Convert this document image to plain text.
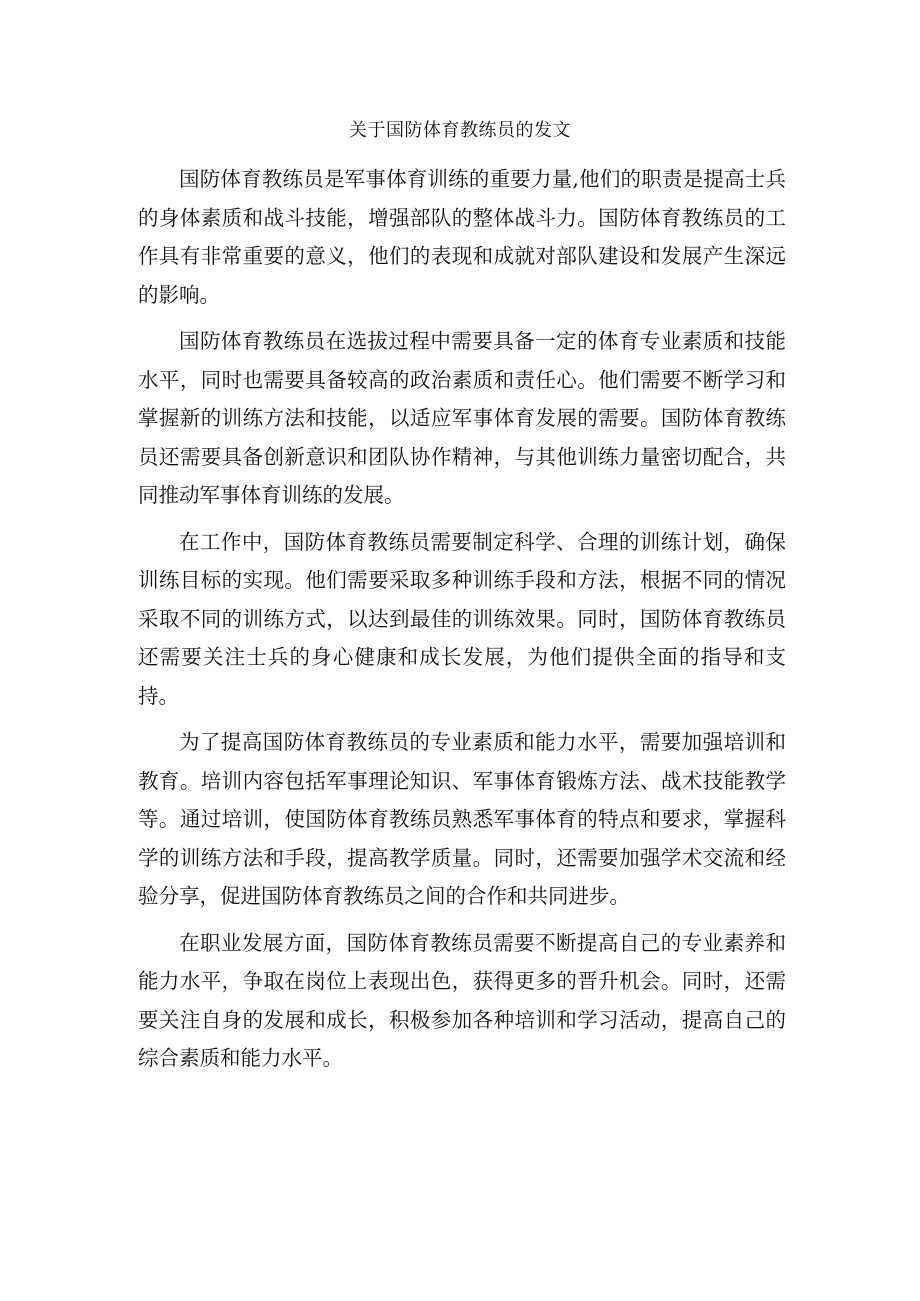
关于国防体育教练员的发文

国防体育教练员是军事体育训练的重要力量,他们的职责是提高士兵的身体素质和战斗技能，增强部队的整体战斗力。国防体育教练员的工作具有非常重要的意义，他们的表现和成就对部队建设和发展产生深远的影响。

国防体育教练员在选拔过程中需要具备一定的体育专业素质和技能水平，同时也需要具备较高的政治素质和责任心。他们需要不断学习和掌握新的训练方法和技能，以适应军事体育发展的需要。国防体育教练员还需要具备创新意识和团队协作精神，与其他训练力量密切配合，共同推动军事体育训练的发展。

在工作中，国防体育教练员需要制定科学、合理的训练计划，确保训练目标的实现。他们需要采取多种训练手段和方法，根据不同的情况采取不同的训练方式，以达到最佳的训练效果。同时，国防体育教练员还需要关注士兵的身心健康和成长发展，为他们提供全面的指导和支持。

为了提高国防体育教练员的专业素质和能力水平，需要加强培训和教育。培训内容包括军事理论知识、军事体育锻炼方法、战术技能教学等。通过培训，使国防体育教练员熟悉军事体育的特点和要求，掌握科学的训练方法和手段，提高教学质量。同时，还需要加强学术交流和经验分享，促进国防体育教练员之间的合作和共同进步。

在职业发展方面，国防体育教练员需要不断提高自己的专业素养和能力水平，争取在岗位上表现出色，获得更多的晋升机会。同时，还需要关注自身的发展和成长，积极参加各种培训和学习活动，提高自己的综合素质和能力水平。
